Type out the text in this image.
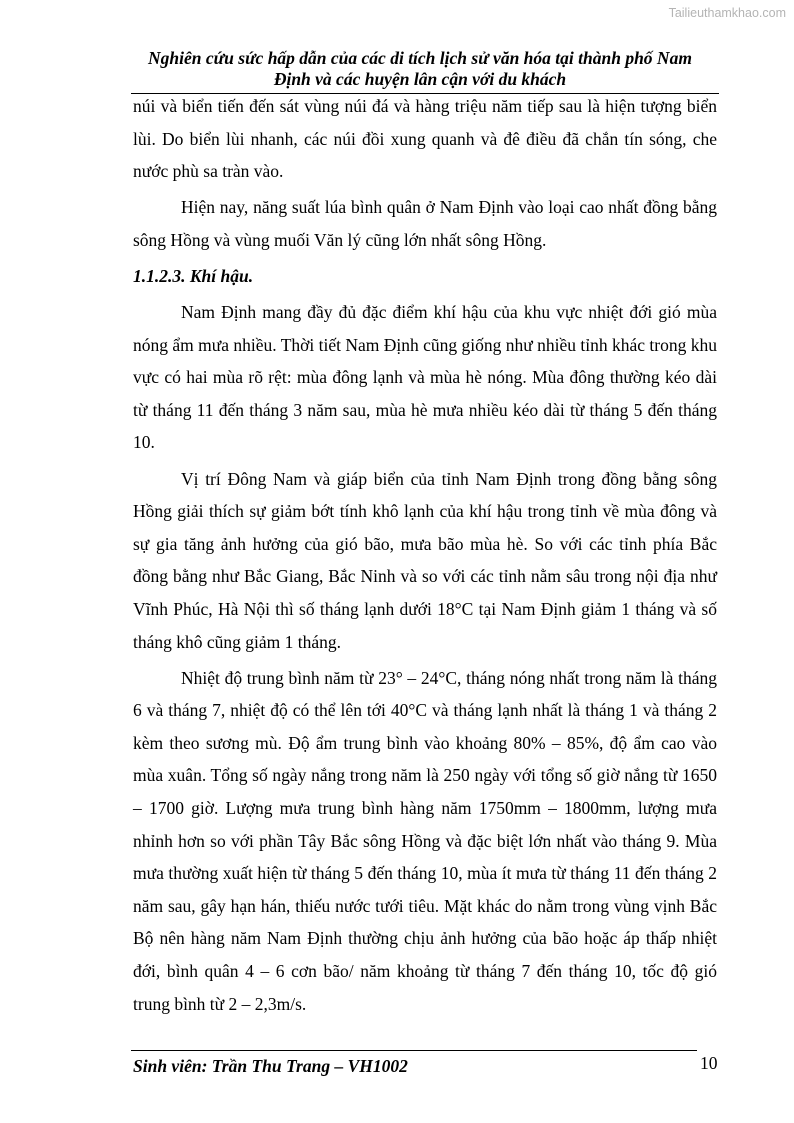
Tailieuthamkhao.com
Nghiên cứu sức hấp dẫn của các di tích lịch sử văn hóa tại thành phố Nam
Định và các huyện lân cận với du khách

núi và biển tiến đến sát vùng núi đá và hàng triệu năm tiếp sau là hiện tượng biển lùi. Do biển lùi nhanh, các núi đồi xung quanh và đê điều đã chắn tín sóng, che nước phù sa tràn vào.

Hiện nay, năng suất lúa bình quân ở Nam Định vào loại cao nhất đồng bằng sông Hồng và vùng muối Văn lý cũng lớn nhất sông Hồng.

1.1.2.3. Khí hậu.

Nam Định mang đầy đủ đặc điểm khí hậu của khu vực nhiệt đới gió mùa nóng ẩm mưa nhiều. Thời tiết Nam Định cũng giống như nhiều tỉnh khác trong khu vực có hai mùa rõ rệt: mùa đông lạnh và mùa hè nóng. Mùa đông thường kéo dài từ tháng 11 đến tháng 3 năm sau, mùa hè mưa nhiều kéo dài từ tháng 5 đến tháng 10.

Vị trí Đông Nam và giáp biển của tỉnh Nam Định trong đồng bằng sông Hồng giải thích sự giảm bớt tính khô lạnh của khí hậu trong tỉnh về mùa đông và sự gia tăng ảnh hưởng của gió bão, mưa bão mùa hè. So với các tỉnh phía Bắc đồng bằng như Bắc Giang, Bắc Ninh và so với các tỉnh nằm sâu trong nội địa như Vĩnh Phúc, Hà Nội thì số tháng lạnh dưới 18°C tại Nam Định giảm 1 tháng và số tháng khô cũng giảm 1 tháng.

Nhiệt độ trung bình năm từ 23° – 24°C, tháng nóng nhất trong năm là tháng 6 và tháng 7, nhiệt độ có thể lên tới 40°C và tháng lạnh nhất là tháng 1 và tháng 2 kèm theo sương mù. Độ ẩm trung bình vào khoảng 80% – 85%, độ ẩm cao vào mùa xuân. Tổng số ngày nắng trong năm là 250 ngày với tổng số giờ nắng từ 1650 – 1700 giờ. Lượng mưa trung bình hàng năm 1750mm – 1800mm, lượng mưa nhỉnh hơn so với phần Tây Bắc sông Hồng và đặc biệt lớn nhất vào tháng 9. Mùa mưa thường xuất hiện từ tháng 5 đến tháng 10, mùa ít mưa từ tháng 11 đến tháng 2 năm sau, gây hạn hán, thiếu nước tưới tiêu. Mặt khác do nằm trong vùng vịnh Bắc Bộ nên hàng năm Nam Định thường chịu ảnh hưởng của bão hoặc áp thấp nhiệt đới, bình quân 4 – 6 cơn bão/ năm khoảng từ tháng 7 đến tháng 10, tốc độ gió trung bình từ 2 – 2,3m/s.

Sinh viên: Trần Thu Trang – VH1002	10
